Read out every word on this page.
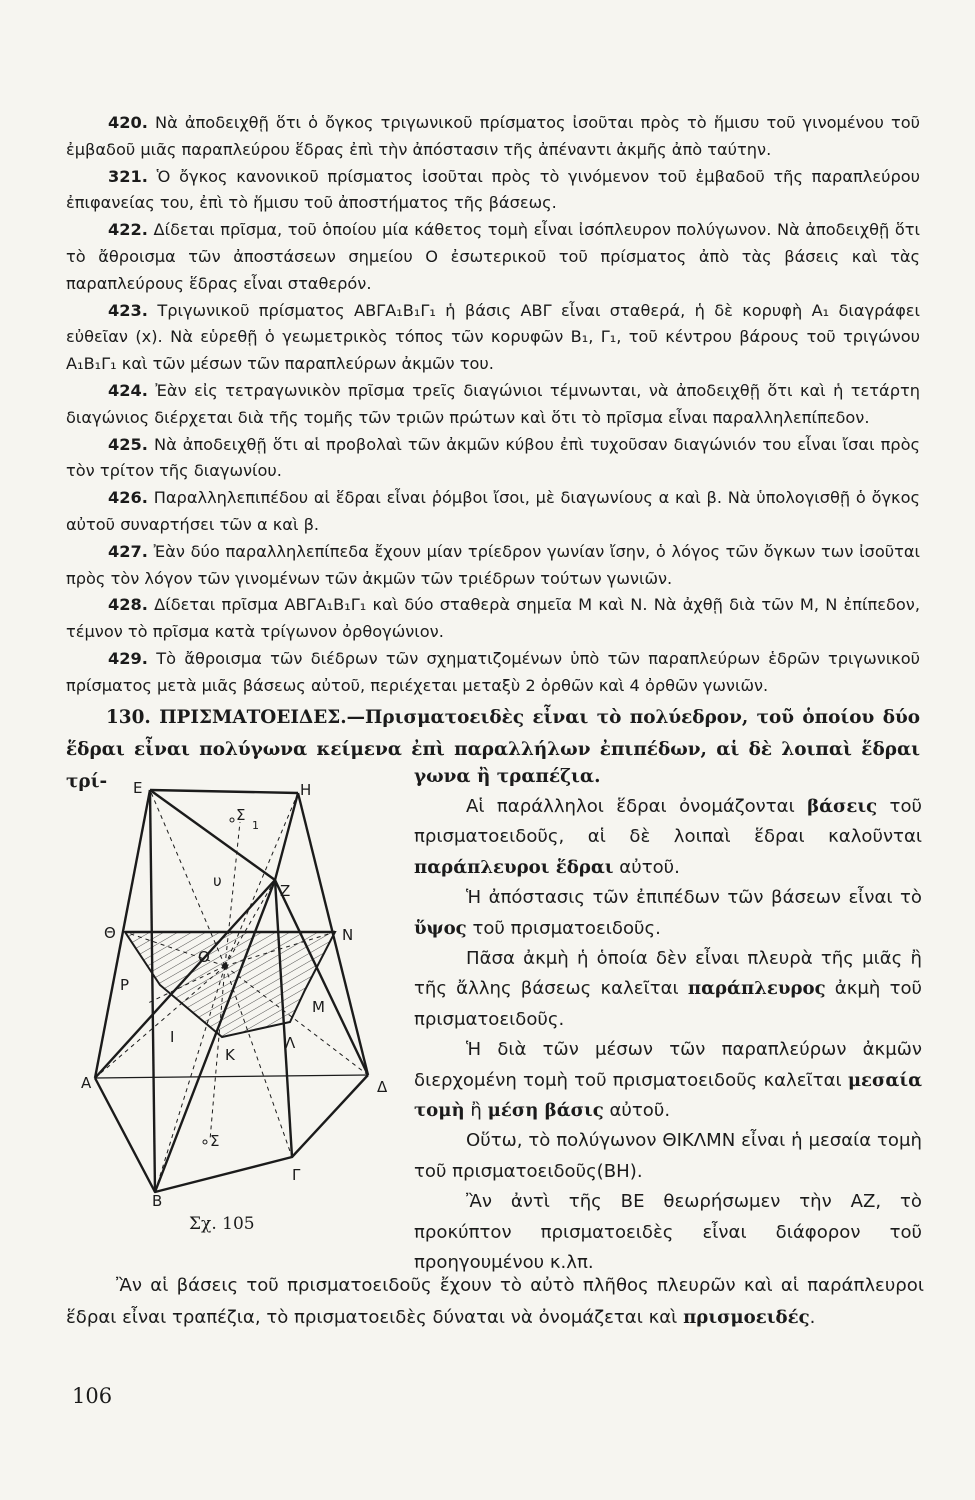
420. Νὰ ἀποδειχθῇ ὅτι ὁ ὄγκος τριγωνικοῦ πρίσματος ἰσοῦται πρὸς τὸ ἥμισυ τοῦ γινομένου τοῦ ἐμβαδοῦ μιᾶς παραπλεύρου ἕδρας ἐπὶ τὴν ἀπόστασιν τῆς ἀπέναντι ἀκμῆς ἀπὸ ταύτην.

321. Ὁ ὄγκος κανονικοῦ πρίσματος ἰσοῦται πρὸς τὸ γινόμενον τοῦ ἐμβαδοῦ τῆς παραπλεύρου ἐπιφανείας του, ἐπὶ τὸ ἥμισυ τοῦ ἀποστήματος τῆς βάσεως.

422. Δίδεται πρῖσμα, τοῦ ὁποίου μία κάθετος τομὴ εἶναι ἰσόπλευρον πολύγωνον. Νὰ ἀποδειχθῇ ὅτι τὸ ἄθροισμα τῶν ἀποστάσεων σημείου Ο ἐσωτερικοῦ τοῦ πρίσματος ἀπὸ τὰς βάσεις καὶ τὰς παραπλεύρους ἕδρας εἶναι σταθερόν.

423. Τριγωνικοῦ πρίσματος ΑΒΓΑ₁Β₁Γ₁ ἡ βάσις ΑΒΓ εἶναι σταθερά, ἡ δὲ κορυφὴ Α₁ διαγράφει εὐθεῖαν (x). Νὰ εὑρεθῇ ὁ γεωμετρικὸς τόπος τῶν κορυφῶν Β₁, Γ₁, τοῦ κέντρου βάρους τοῦ τριγώνου Α₁Β₁Γ₁ καὶ τῶν μέσων τῶν παραπλεύρων ἀκμῶν του.

424. Ἐὰν εἰς τετραγωνικὸν πρῖσμα τρεῖς διαγώνιοι τέμνωνται, νὰ ἀποδειχθῇ ὅτι καὶ ἡ τετάρτη διαγώνιος διέρχεται διὰ τῆς τομῆς τῶν τριῶν πρώτων καὶ ὅτι τὸ πρῖσμα εἶναι παραλληλεπίπεδον.

425. Νὰ ἀποδειχθῇ ὅτι αἱ προβολαὶ τῶν ἀκμῶν κύβου ἐπὶ τυχοῦσαν διαγώνιόν του εἶναι ἴσαι πρὸς τὸν τρίτον τῆς διαγωνίου.

426. Παραλληλεπιπέδου αἱ ἕδραι εἶναι ῥόμβοι ἴσοι, μὲ διαγωνίους α καὶ β. Νὰ ὑπολογισθῇ ὁ ὄγκος αὐτοῦ συναρτήσει τῶν α καὶ β.

427. Ἐὰν δύο παραλληλεπίπεδα ἔχουν μίαν τρίεδρον γωνίαν ἴσην, ὁ λόγος τῶν ὄγκων των ἰσοῦται πρὸς τὸν λόγον τῶν γινομένων τῶν ἀκμῶν τῶν τριέδρων τούτων γωνιῶν.

428. Δίδεται πρῖσμα ΑΒΓΑ₁Β₁Γ₁ καὶ δύο σταθερὰ σημεῖα Μ καὶ Ν. Νὰ ἀχθῇ διὰ τῶν Μ, Ν ἐπίπεδον, τέμνον τὸ πρῖσμα κατὰ τρίγωνον ὀρθογώνιον.

429. Τὸ ἄθροισμα τῶν διέδρων τῶν σχηματιζομένων ὑπὸ τῶν παραπλεύρων ἑδρῶν τριγωνικοῦ πρίσματος μετὰ μιᾶς βάσεως αὐτοῦ, περιέχεται μεταξὺ 2 ὀρθῶν καὶ 4 ὀρθῶν γωνιῶν.

130. ΠΡΙΣΜΑΤΟΕΙΔΕΣ.—Πρισματοειδὲς εἶναι τὸ πολύεδρον, τοῦ ὁποίου δύο ἕδραι εἶναι πολύγωνα κείμενα ἐπὶ παραλλήλων ἐπιπέδων, αἱ δὲ λοιπαὶ ἕδραι τρί-	γωνα ἢ τραπέζια.

Αἱ παράλληλοι ἕδραι ὀνομάζονται βάσεις τοῦ πρισματοειδοῦς, αἱ δὲ λοιπαὶ ἕδραι καλοῦνται παράπλευροι ἕδραι αὐτοῦ.

Ἡ ἀπόστασις τῶν ἐπιπέδων τῶν βάσεων εἶναι τὸ ὕψος τοῦ πρισματοειδοῦς.

Πᾶσα ἀκμὴ ἡ ὁποία δὲν εἶναι πλευρὰ τῆς μιᾶς ἢ τῆς ἄλλης βάσεως καλεῖται παράπλευρος ἀκμὴ τοῦ πρισματοειδοῦς.

Ἡ διὰ τῶν μέσων τῶν παραπλεύρων ἀκμῶν διερχομένη τομὴ τοῦ πρισματοειδοῦς καλεῖται μεσαία τομὴ ἢ μέση βάσις αὐτοῦ.

Οὕτω, τὸ πολύγωνον ΘΙΚΛΜΝ εἶναι ἡ μεσαία τομὴ τοῦ πρισματοειδοῦς(ΒΗ).

Ἂν ἀντὶ τῆς ΒΕ θεωρήσωμεν τὴν ΑΖ, τὸ προκύπτον πρισματοειδὲς εἶναι διάφορον τοῦ προηγουμένου κ.λπ.

Ἂν αἱ βάσεις τοῦ πρισματοειδοῦς ἔχουν τὸ αὐτὸ πλῆθος πλευρῶν καὶ αἱ παράπλευροι ἕδραι εἶναι τραπέζια, τὸ πρισματοειδὲς δύναται νὰ ὀνομάζεται καὶ πρισμοειδές.

Ε	Η
Σ
1
Ζ
υ
Θ	Ν
Ο
Ρ
Μ
Ι
Κ
Λ
Α	Δ
Σ
Γ
Β
Σχ. 105
106
